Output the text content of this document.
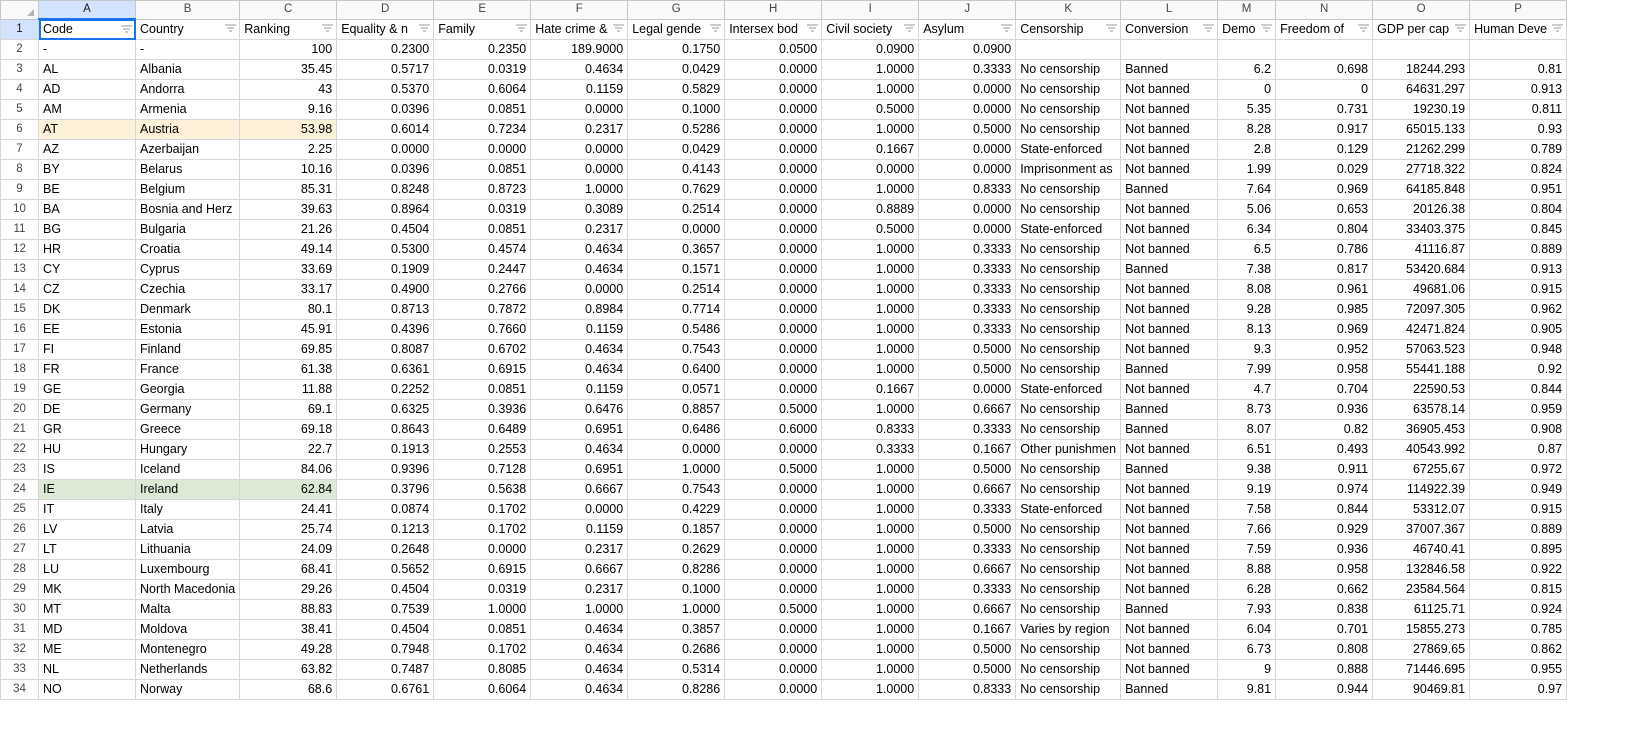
	A	B	C	D	E	F	G	H	I	J	K	L	M	N	O	P
1	Code	Country	Ranking	Equality & n	Family	Hate crime &	Legal gende	Intersex bod	Civil society	Asylum	Censorship	Conversion	Demo	Freedom of	GDP per cap	Human Deve

2	-	-	100	0.2300	0.2350	189.9000	0.1750	0.0500	0.0900	0.0900						
3	AL	Albania	35.45	0.5717	0.0319	0.4634	0.0429	0.0000	1.0000	0.3333	No censorship	Banned	6.2	0.698	18244.293	0.81
4	AD	Andorra	43	0.5370	0.6064	0.1159	0.5829	0.0000	1.0000	0.0000	No censorship	Not banned	0	0	64631.297	0.913
5	AM	Armenia	9.16	0.0396	0.0851	0.0000	0.1000	0.0000	0.5000	0.0000	No censorship	Not banned	5.35	0.731	19230.19	0.811
6	AT	Austria	53.98	0.6014	0.7234	0.2317	0.5286	0.0000	1.0000	0.5000	No censorship	Not banned	8.28	0.917	65015.133	0.93
7	AZ	Azerbaijan	2.25	0.0000	0.0000	0.0000	0.0429	0.0000	0.1667	0.0000	State-enforced	Not banned	2.8	0.129	21262.299	0.789
8	BY	Belarus	10.16	0.0396	0.0851	0.0000	0.4143	0.0000	0.0000	0.0000	Imprisonment as	Not banned	1.99	0.029	27718.322	0.824
9	BE	Belgium	85.31	0.8248	0.8723	1.0000	0.7629	0.0000	1.0000	0.8333	No censorship	Banned	7.64	0.969	64185.848	0.951
10	BA	Bosnia and Herz	39.63	0.8964	0.0319	0.3089	0.2514	0.0000	0.8889	0.0000	No censorship	Not banned	5.06	0.653	20126.38	0.804
11	BG	Bulgaria	21.26	0.4504	0.0851	0.2317	0.0000	0.0000	0.5000	0.0000	State-enforced	Not banned	6.34	0.804	33403.375	0.845
12	HR	Croatia	49.14	0.5300	0.4574	0.4634	0.3657	0.0000	1.0000	0.3333	No censorship	Not banned	6.5	0.786	41116.87	0.889
13	CY	Cyprus	33.69	0.1909	0.2447	0.4634	0.1571	0.0000	1.0000	0.3333	No censorship	Banned	7.38	0.817	53420.684	0.913
14	CZ	Czechia	33.17	0.4900	0.2766	0.0000	0.2514	0.0000	1.0000	0.3333	No censorship	Not banned	8.08	0.961	49681.06	0.915
15	DK	Denmark	80.1	0.8713	0.7872	0.8984	0.7714	0.0000	1.0000	0.3333	No censorship	Not banned	9.28	0.985	72097.305	0.962
16	EE	Estonia	45.91	0.4396	0.7660	0.1159	0.5486	0.0000	1.0000	0.3333	No censorship	Not banned	8.13	0.969	42471.824	0.905
17	FI	Finland	69.85	0.8087	0.6702	0.4634	0.7543	0.0000	1.0000	0.5000	No censorship	Not banned	9.3	0.952	57063.523	0.948
18	FR	France	61.38	0.6361	0.6915	0.4634	0.6400	0.0000	1.0000	0.5000	No censorship	Banned	7.99	0.958	55441.188	0.92
19	GE	Georgia	11.88	0.2252	0.0851	0.1159	0.0571	0.0000	0.1667	0.0000	State-enforced	Not banned	4.7	0.704	22590.53	0.844
20	DE	Germany	69.1	0.6325	0.3936	0.6476	0.8857	0.5000	1.0000	0.6667	No censorship	Banned	8.73	0.936	63578.14	0.959
21	GR	Greece	69.18	0.8643	0.6489	0.6951	0.6486	0.6000	0.8333	0.3333	No censorship	Banned	8.07	0.82	36905.453	0.908
22	HU	Hungary	22.7	0.1913	0.2553	0.4634	0.0000	0.0000	0.3333	0.1667	Other punishmen	Not banned	6.51	0.493	40543.992	0.87
23	IS	Iceland	84.06	0.9396	0.7128	0.6951	1.0000	0.5000	1.0000	0.5000	No censorship	Banned	9.38	0.911	67255.67	0.972
24	IE	Ireland	62.84	0.3796	0.5638	0.6667	0.7543	0.0000	1.0000	0.6667	No censorship	Not banned	9.19	0.974	114922.39	0.949
25	IT	Italy	24.41	0.0874	0.1702	0.0000	0.4229	0.0000	1.0000	0.3333	State-enforced	Not banned	7.58	0.844	53312.07	0.915
26	LV	Latvia	25.74	0.1213	0.1702	0.1159	0.1857	0.0000	1.0000	0.5000	No censorship	Not banned	7.66	0.929	37007.367	0.889
27	LT	Lithuania	24.09	0.2648	0.0000	0.2317	0.2629	0.0000	1.0000	0.3333	No censorship	Not banned	7.59	0.936	46740.41	0.895
28	LU	Luxembourg	68.41	0.5652	0.6915	0.6667	0.8286	0.0000	1.0000	0.6667	No censorship	Not banned	8.88	0.958	132846.58	0.922
29	MK	North Macedonia	29.26	0.4504	0.0319	0.2317	0.1000	0.0000	1.0000	0.3333	No censorship	Not banned	6.28	0.662	23584.564	0.815
30	MT	Malta	88.83	0.7539	1.0000	1.0000	1.0000	0.5000	1.0000	0.6667	No censorship	Banned	7.93	0.838	61125.71	0.924
31	MD	Moldova	38.41	0.4504	0.0851	0.4634	0.3857	0.0000	1.0000	0.1667	Varies by region	Not banned	6.04	0.701	15855.273	0.785
32	ME	Montenegro	49.28	0.7948	0.1702	0.4634	0.2686	0.0000	1.0000	0.5000	No censorship	Not banned	6.73	0.808	27869.65	0.862
33	NL	Netherlands	63.82	0.7487	0.8085	0.4634	0.5314	0.0000	1.0000	0.5000	No censorship	Not banned	9	0.888	71446.695	0.955
34	NO	Norway	68.6	0.6761	0.6064	0.4634	0.8286	0.0000	1.0000	0.8333	No censorship	Banned	9.81	0.944	90469.81	0.97
